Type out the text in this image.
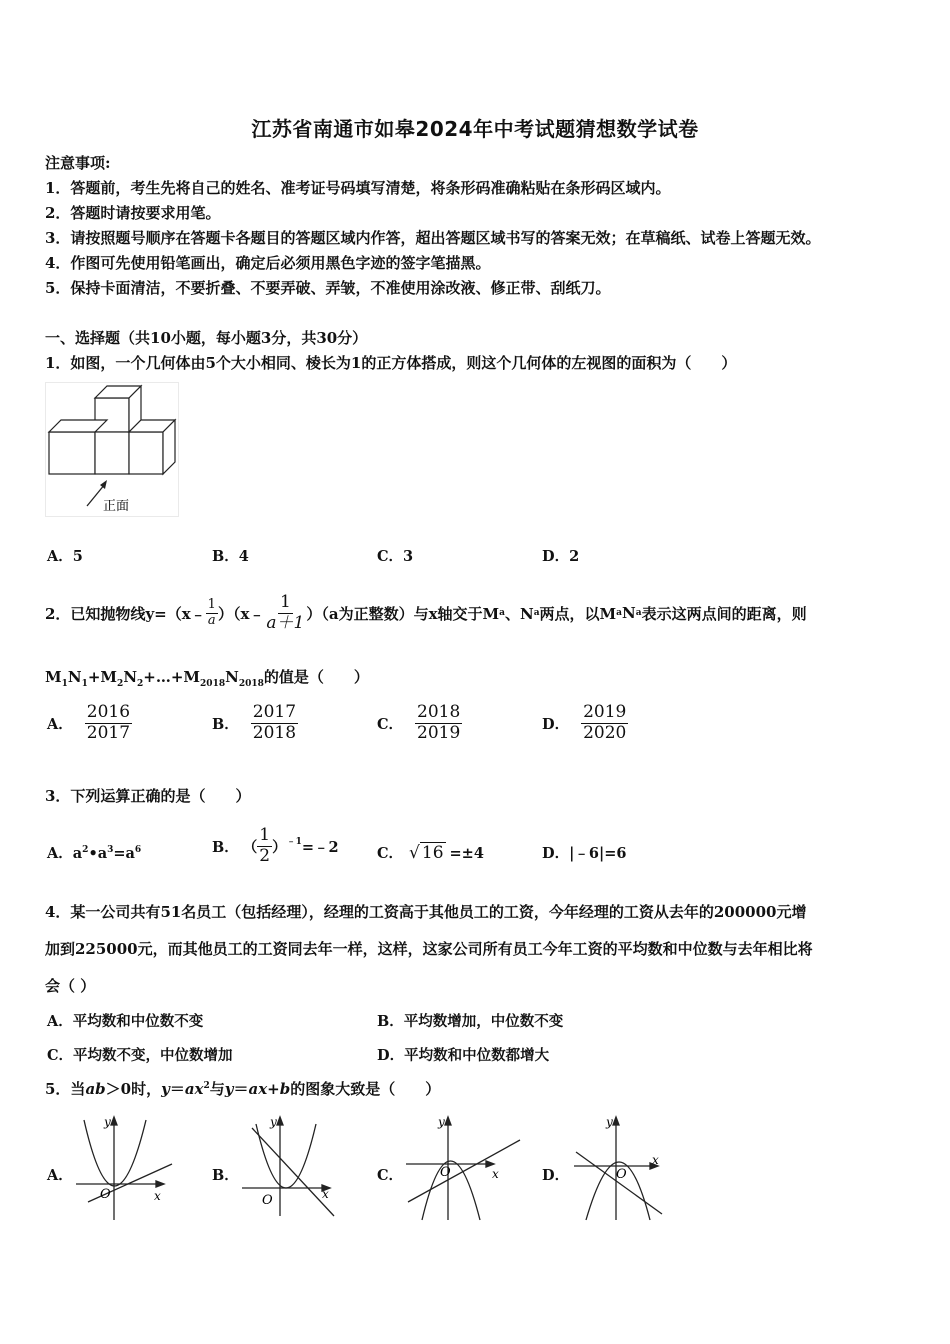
江苏省南通市如皋2024年中考试题猜想数学试卷
注意事项:
1．答题前，考生先将自己的姓名、准考证号码填写清楚，将条形码准确粘贴在条形码区域内。
2．答题时请按要求用笔。
3．请按照题号顺序在答题卡各题目的答题区域内作答，超出答题区域书写的答案无效；在草稿纸、试卷上答题无效。
4．作图可先使用铅笔画出，确定后必须用黑色字迹的签字笔描黑。
5．保持卡面清洁，不要折叠、不要弄破、弄皱，不准使用涂改液、修正带、刮纸刀。
一、选择题（共10小题，每小题3分，共30分）
1．如图，一个几何体由5个大小相同、棱长为1的正方体搭成，则这个几何体的左视图的面积为（　　）
正面
A．5	B．4	C．3	D．2
2．已知抛物线y=（x﹣ $\frac{1}{a}$ ）（x﹣ $\frac{1}{a+1} )(a$为正整数）与x轴交于M a 、N a 两点，以M a N a 表示这两点间的距离，则
$M_1N_1+M_2N_2+\dots+M_{2018}N_{2018}$的值是（　　）
A． $\frac{2016}{2017}$	B． $\frac{2017}{2018}$	C． $\frac{2018}{2019}$	D． $\frac{2019}{2020}$
3．下列运算正确的是（　　）
A．$a^2•a^3=a^6$	B． （ $\frac{1}{2} )^{﹣1}$ =﹣2	C． √ 16 =±4	D．|﹣6|=6
4．某一公司共有51名员工（包括经理），经理的工资高于其他员工的工资，今年经理的工资从去年的200000元增
加到225000元，而其他员工的工资同去年一样，这样，这家公司所有员工今年工资的平均数和中位数与去年相比将
会（ ）
A．平均数和中位数不变	B．平均数增加，中位数不变
C．平均数不变，中位数增加	D．平均数和中位数都增大
5．当ab＞0时，$y=ax^2$与y＝ax+b的图象大致是（　　）
A．	B．	C．	D．
y
x
O
y
x
O
y
x
O
y
x
O
